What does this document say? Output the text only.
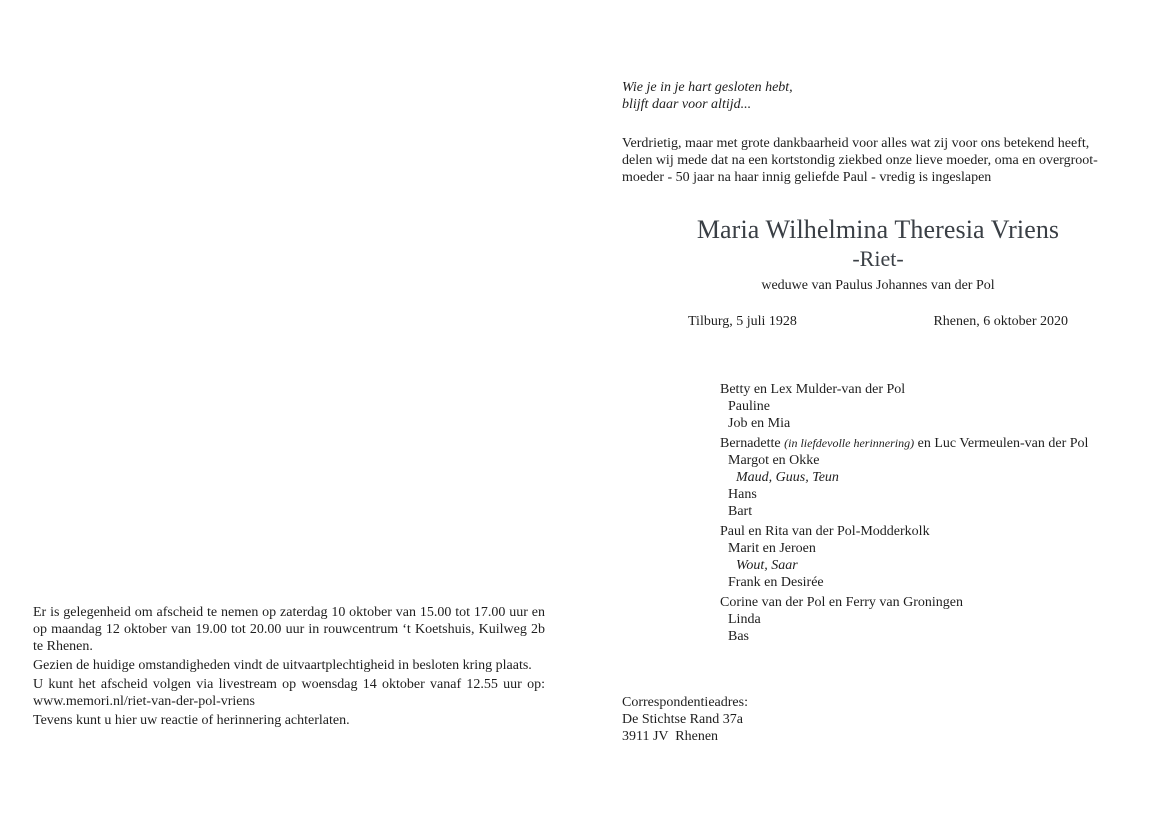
Er is gelegenheid om afscheid te nemen op zaterdag 10 oktober van 15.00 tot 17.00 uur en op maandag 12 oktober van 19.00 tot 20.00 uur in rouwcentrum ‘t Koetshuis, Kuilweg 2b te Rhenen.

Gezien de huidige omstandigheden vindt de uitvaartplechtigheid in besloten kring plaats.

U kunt het afscheid volgen via livestream op woensdag 14 oktober vanaf 12.55 uur op: www.memori.nl/riet-van-der-pol-vriens

Tevens kunt u hier uw reactie of herinnering achterlaten.

Wie je in je hart gesloten hebt,
blijft daar voor altijd...
Verdrietig, maar met grote dankbaarheid voor alles wat zij voor ons betekend heeft,
delen wij mede dat na een kortstondig ziekbed onze lieve moeder, oma en overgroot-
moeder - 50 jaar na haar innig geliefde Paul - vredig is ingeslapen
Maria Wilhelmina Theresia Vriens
-Riet-
weduwe van Paulus Johannes van der Pol
Tilburg, 5 juli 1928	Rhenen, 6 oktober 2020
Betty en Lex Mulder-van der Pol
Pauline
Job en Mia
Bernadette (in liefdevolle herinnering) en Luc Vermeulen-van der Pol
Margot en Okke
Maud, Guus, Teun
Hans
Bart
Paul en Rita van der Pol-Modderkolk
Marit en Jeroen
Wout, Saar
Frank en Desirée
Corine van der Pol en Ferry van Groningen
Linda
Bas
Correspondentieadres:
De Stichtse Rand 37a
3911 JV  Rhenen
